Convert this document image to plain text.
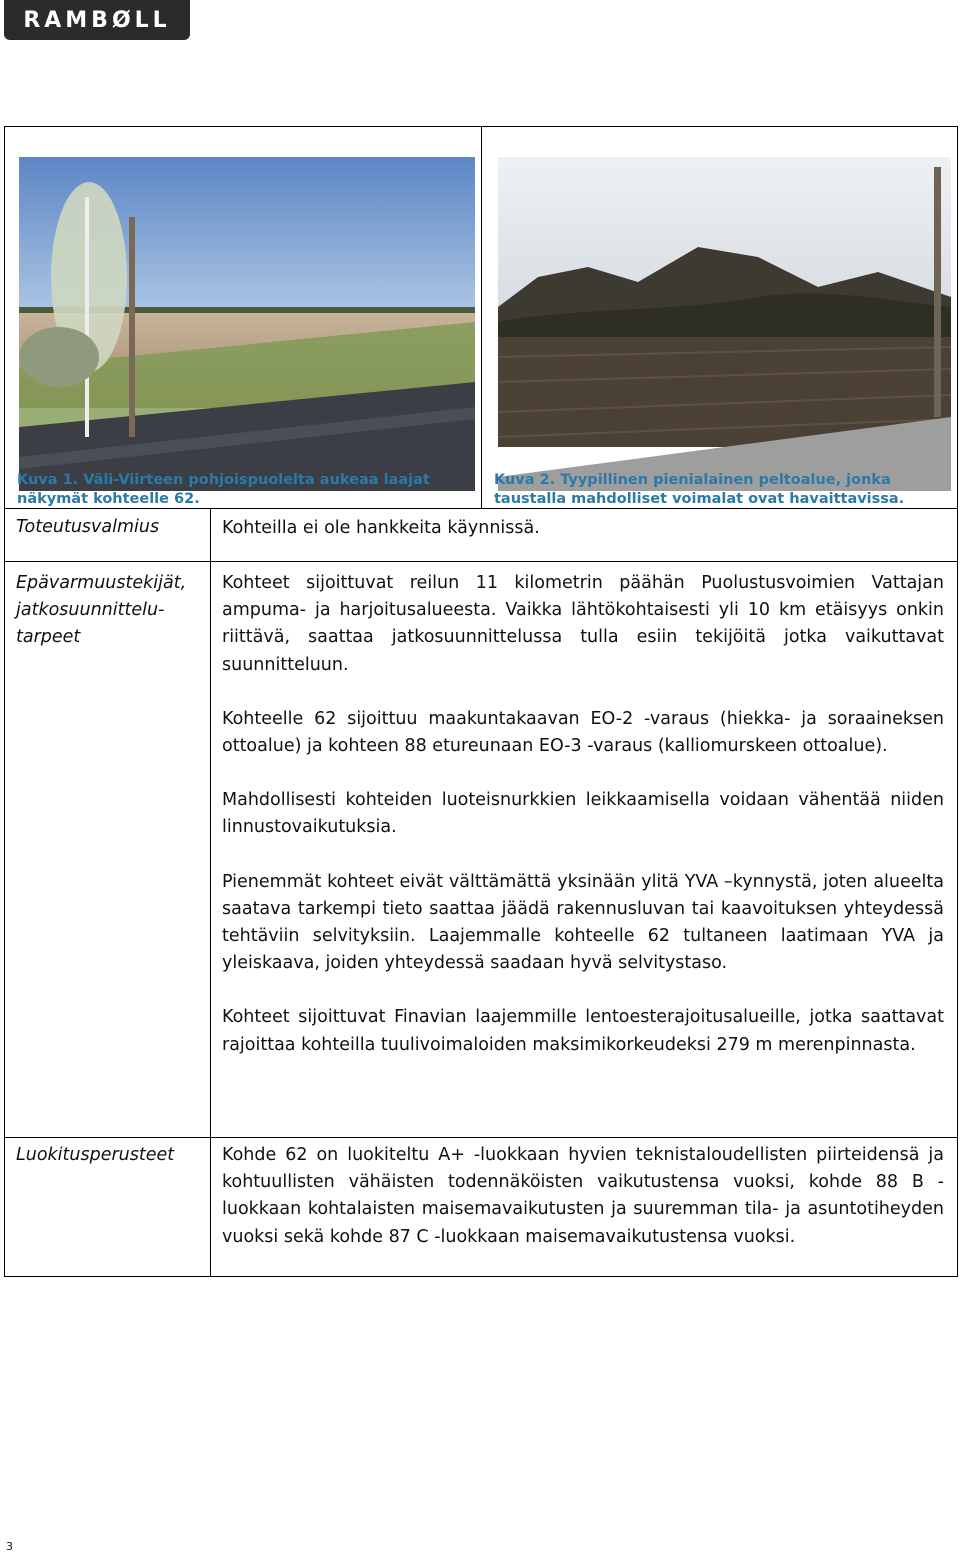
RAMBØLL
Kuva 1. Väli-Viirteen pohjoispuolelta aukeaa laajat
näkymät kohteelle 62.
Kuva 2. Tyypillinen pienialainen peltoalue, jonka
taustalla mahdolliset voimalat ovat havaittavissa.
Toteutusvalmius	Kohteilla ei ole hankkeita käynnissä.

Epävarmuustekijät,
jatkosuunnittelu-
tarpeet

Kohteet sijoittuvat reilun 11 kilometrin päähän Puolustusvoimien Vattajan ampuma- ja harjoitusalueesta. Vaikka lähtökohtaisesti yli 10 km etäisyys onkin riittävä, saattaa jatkosuunnittelussa tulla esiin tekijöitä jotka vaikuttavat suunnitteluun.

Kohteelle 62 sijoittuu maakuntakaavan EO-2 -varaus (hiekka- ja soraaineksen ottoalue) ja kohteen 88 etureunaan EO-3 -varaus (kalliomurskeen ottoalue).

Mahdollisesti kohteiden luoteisnurkkien leikkaamisella voidaan vähentää niiden linnustovaikutuksia.

Pienemmät kohteet eivät välttämättä yksinään ylitä YVA –kynnystä, joten alueelta saatava tarkempi tieto saattaa jäädä rakennusluvan tai kaavoituksen yhteydessä tehtäviin selvityksiin. Laajemmalle kohteelle 62 tultaneen laatimaan YVA ja yleiskaava, joiden yhteydessä saadaan hyvä selvitystaso.

Kohteet sijoittuvat Finavian laajemmille lentoesterajoitusalueille, jotka saattavat rajoittaa kohteilla tuulivoimaloiden maksimikorkeudeksi 279 m merenpinnasta.

Luokitusperusteet	Kohde 62 on luokiteltu A+ -luokkaan hyvien teknistaloudellisten piirteidensä ja kohtuullisten vähäisten todennäköisten vaikutustensa vuoksi, kohde 88 B -luokkaan kohtalaisten maisemavaikutusten ja suuremman tila- ja asuntotiheyden vuoksi sekä kohde 87 C -luokkaan maisemavaikutustensa vuoksi.

3
